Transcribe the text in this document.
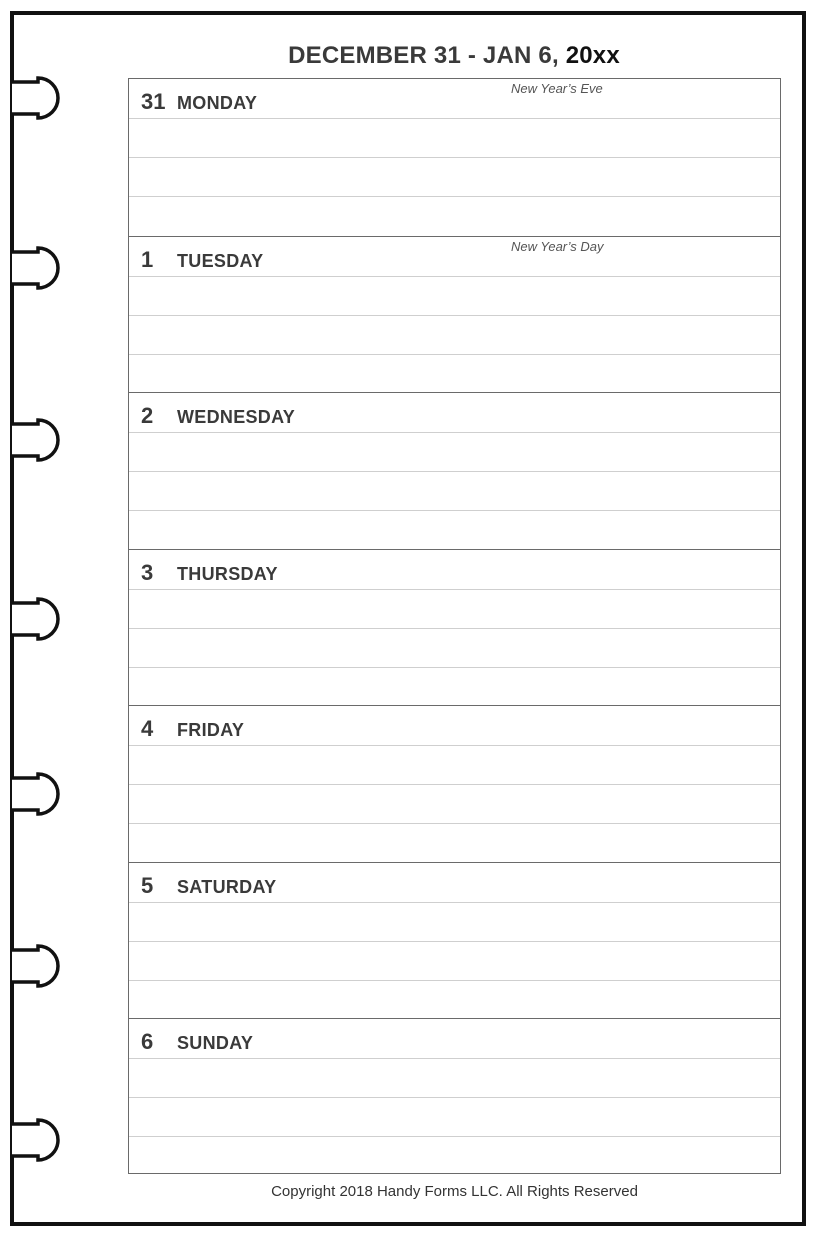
DECEMBER 31 - JAN 6, 20xx
31 MONDAY
New Year’s Eve
1	TUESDAY
New Year’s Day
2	WEDNESDAY
3	THURSDAY
4	FRIDAY
5	SATURDAY
6	SUNDAY
Copyright 2018 Handy Forms LLC. All Rights Reserved
